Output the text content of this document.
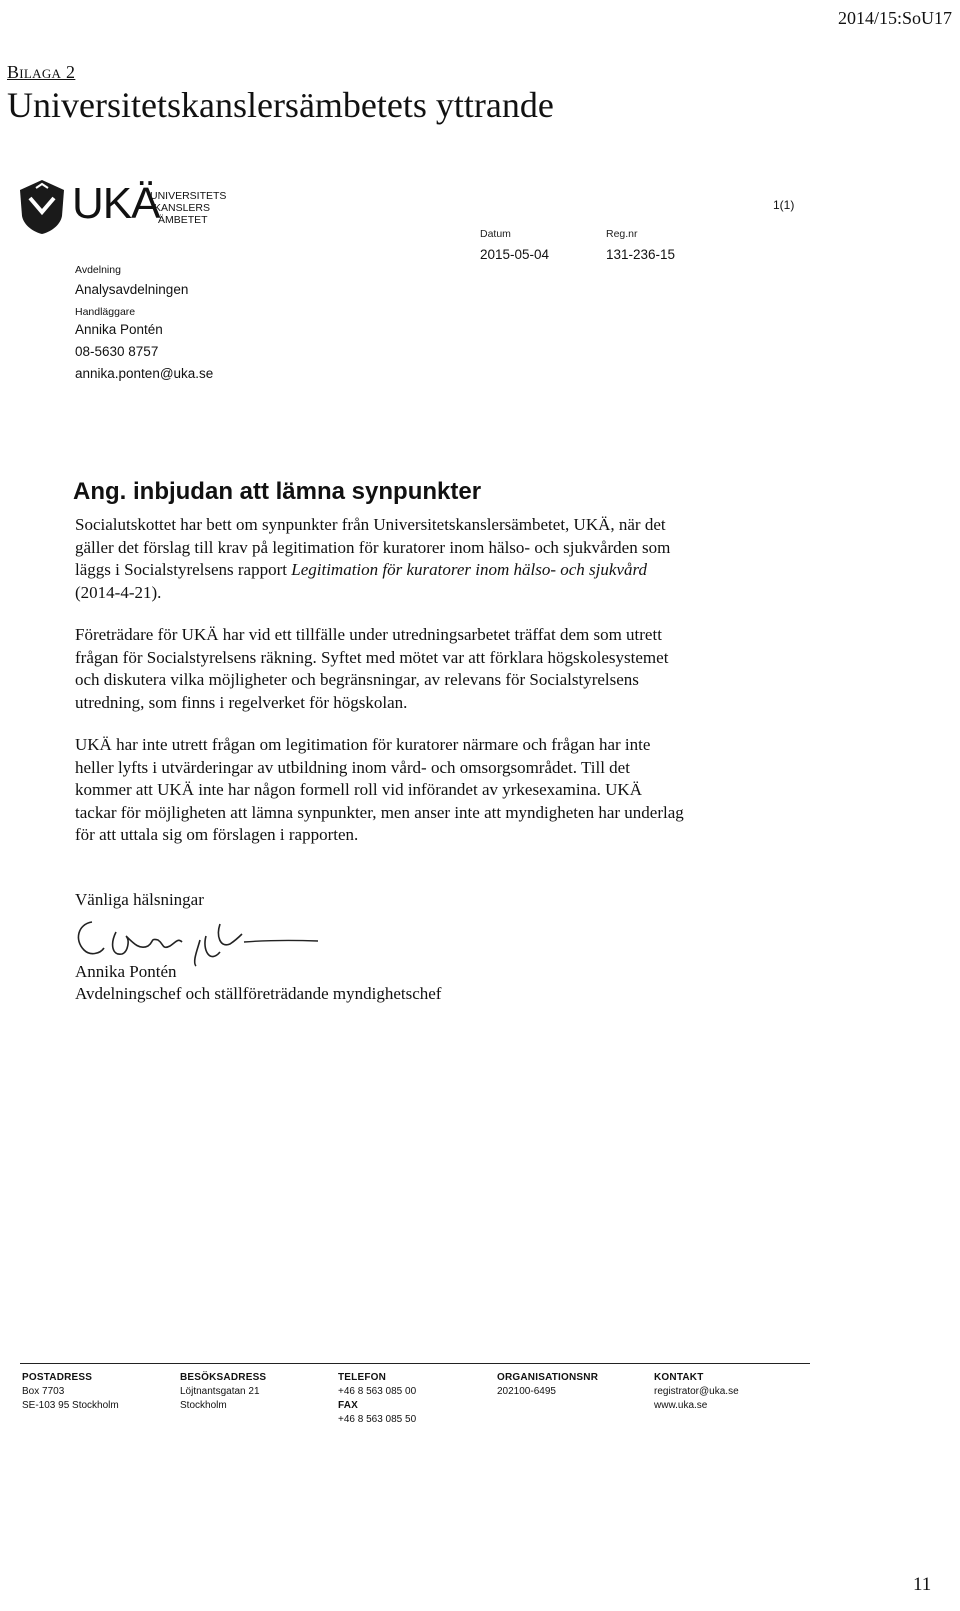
2014/15:SoU17
Bilaga 2
Universitetskanslersämbetets yttrande
UKÄ
UNIVERSITETS
KANSLERS
ÄMBETET
1(1)
Datum
2015-05-04
Reg.nr
131-236-15
Avdelning
Analysavdelningen
Handläggare
Annika Pontén
08-5630 8757
annika.ponten@uka.se
Ang. inbjudan att lämna synpunkter
Socialutskottet har bett om synpunkter från Universitetskanslersämbetet, UKÄ, när det
gäller det förslag till krav på legitimation för kuratorer inom hälso- och sjukvården som
läggs i Socialstyrelsens rapport Legitimation för kuratorer inom hälso- och sjukvård
(2014-4-21).
Företrädare för UKÄ har vid ett tillfälle under utredningsarbetet träffat dem som utrett
frågan för Socialstyrelsens räkning. Syftet med mötet var att förklara högskolesystemet
och diskutera vilka möjligheter och begränsningar, av relevans för Socialstyrelsens
utredning, som finns i regelverket för högskolan.
UKÄ har inte utrett frågan om legitimation för kuratorer närmare och frågan har inte
heller lyfts i utvärderingar av utbildning inom vård- och omsorgsområdet. Till det
kommer att UKÄ inte har någon formell roll vid införandet av yrkesexamina. UKÄ
tackar för möjligheten att lämna synpunkter, men anser inte att myndigheten har underlag
för att uttala sig om förslagen i rapporten.
Vänliga hälsningar
Annika Pontén
Avdelningschef och ställföreträdande myndighetschef
POSTADRESS
Box 7703
SE-103 95 Stockholm
BESÖKSADRESS
Löjtnantsgatan 21
Stockholm
TELEFON
+46 8 563 085 00
FAX
+46 8 563 085 50
ORGANISATIONSNR
202100-6495
KONTAKT
registrator@uka.se
www.uka.se
11
